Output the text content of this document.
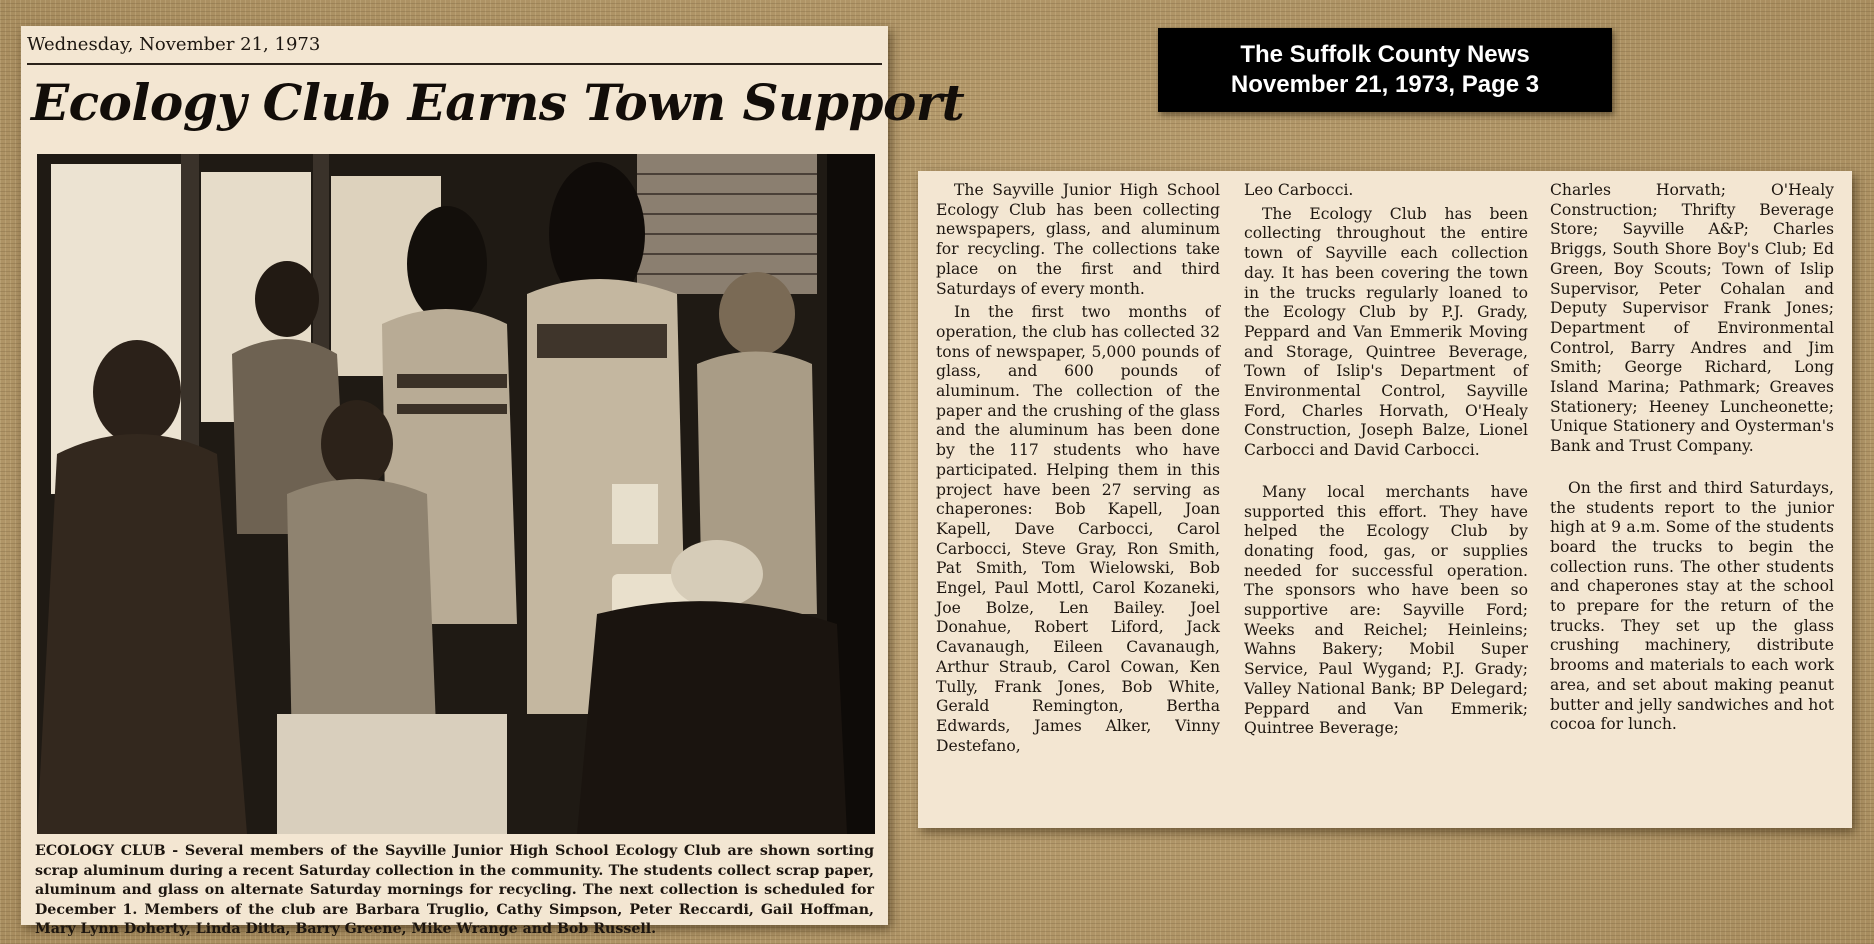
The Suffolk County News
November 21, 1973, Page 3
Wednesday, November 21, 1973
Ecology Club Earns Town Support
ECOLOGY CLUB - Several members of the Sayville Junior High School Ecology Club are shown sorting scrap aluminum during a recent Saturday collection in the community. The students collect scrap paper, aluminum and glass on alternate Saturday mornings for recycling. The next collection is scheduled for December 1. Members of the club are Barbara Truglio, Cathy Simpson, Peter Reccardi, Gail Hoffman, Mary Lynn Doherty, Linda Ditta, Barry Greene, Mike Wrange and Bob Russell.

The Sayville Junior High School Ecology Club has been collecting newspapers, glass, and aluminum for recycling. The collections take place on the first and third Saturdays of every month.

In the first two months of operation, the club has collected 32 tons of newspaper, 5,000 pounds of glass, and 600 pounds of aluminum. The collection of the paper and the crushing of the glass and the aluminum has been done by the 117 students who have participated. Helping them in this project have been 27 serving as chaperones: Bob Kapell, Joan Kapell, Dave Carbocci, Carol Carbocci, Steve Gray, Ron Smith, Pat Smith, Tom Wielowski, Bob Engel, Paul Mottl, Carol Kozaneki, Joe Bolze, Len Bailey. Joel Donahue, Robert Liford, Jack Cavanaugh, Eileen Cavanaugh, Arthur Straub, Carol Cowan, Ken Tully, Frank Jones, Bob White, Gerald Remington, Bertha Edwards, James Alker, Vinny Destefano,

Leo Carbocci.

The Ecology Club has been collecting throughout the entire town of Sayville each collection day. It has been covering the town in the trucks regularly loaned to the Ecology Club by P.J. Grady, Peppard and Van Emmerik Moving and Storage, Quintree Beverage, Town of Islip's Department of Environmental Control, Sayville Ford, Charles Horvath, O'Healy Construction, Joseph Balze, Lionel Carbocci and David Carbocci.

Many local merchants have supported this effort. They have helped the Ecology Club by donating food, gas, or supplies needed for successful operation. The sponsors who have been so supportive are: Sayville Ford; Weeks and Reichel; Heinleins; Wahns Bakery; Mobil Super Service, Paul Wygand; P.J. Grady; Valley National Bank; BP Delegard; Peppard and Van Emmerik; Quintree Beverage;

Charles Horvath; O'Healy Construction; Thrifty Beverage Store; Sayville A&P; Charles Briggs, South Shore Boy's Club; Ed Green, Boy Scouts; Town of Islip Supervisor, Peter Cohalan and Deputy Supervisor Frank Jones; Department of Environmental Control, Barry Andres and Jim Smith; George Richard, Long Island Marina; Pathmark; Greaves Stationery; Heeney Luncheonette; Unique Stationery and Oysterman's Bank and Trust Company.

On the first and third Saturdays, the students report to the junior high at 9 a.m. Some of the students board the trucks to begin the collection runs. The other students and chaperones stay at the school to prepare for the return of the trucks. They set up the glass crushing machinery, distribute brooms and materials to each work area, and set about making peanut butter and jelly sandwiches and hot cocoa for lunch.
